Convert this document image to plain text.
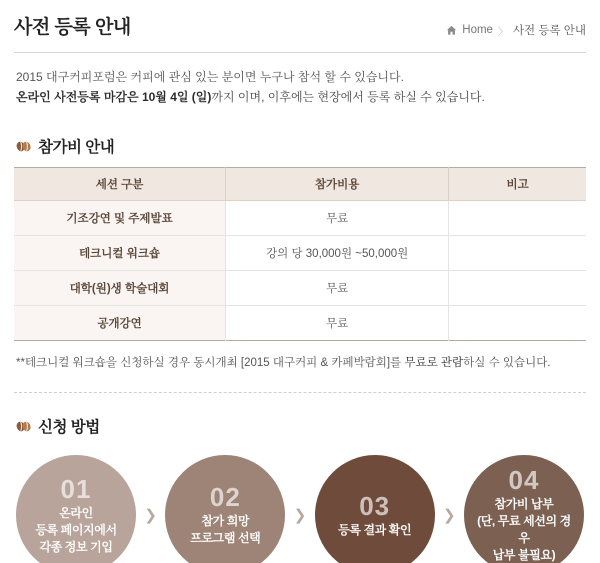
사전 등록 안내	Home 〉 사전 등록 안내
2015 대구커피포럼은 커피에 관심 있는 분이면 누구나 참석 할 수 있습니다.
온라인 사전등록 마감은 10월 4일 (일)까지 이며, 이후에는 현장에서 등록 하실 수 있습니다.
참가비 안내
세션 구분	참가비용	비고
기조강연 및 주제발표	무료	
테크니컬 워크숍	강의 당 30,000원 ~50,000원	
대학(원)생 학술대회	무료	
공개강연	무료	
**테크니컬 워크숍을 신청하실 경우 동시개최 [2015 대구커피 & 카페박람회]를 무료로 관람하실 수 있습니다.
신청 방법
01
온라인
등록 페이지에서
각종 정보 기입
❯
02
참가 희망
프로그램 선택
❯ 03
등록 결과 확인
❯
04
참가비 납부
(단, 무료 세션의 경우
납부 불필요)
